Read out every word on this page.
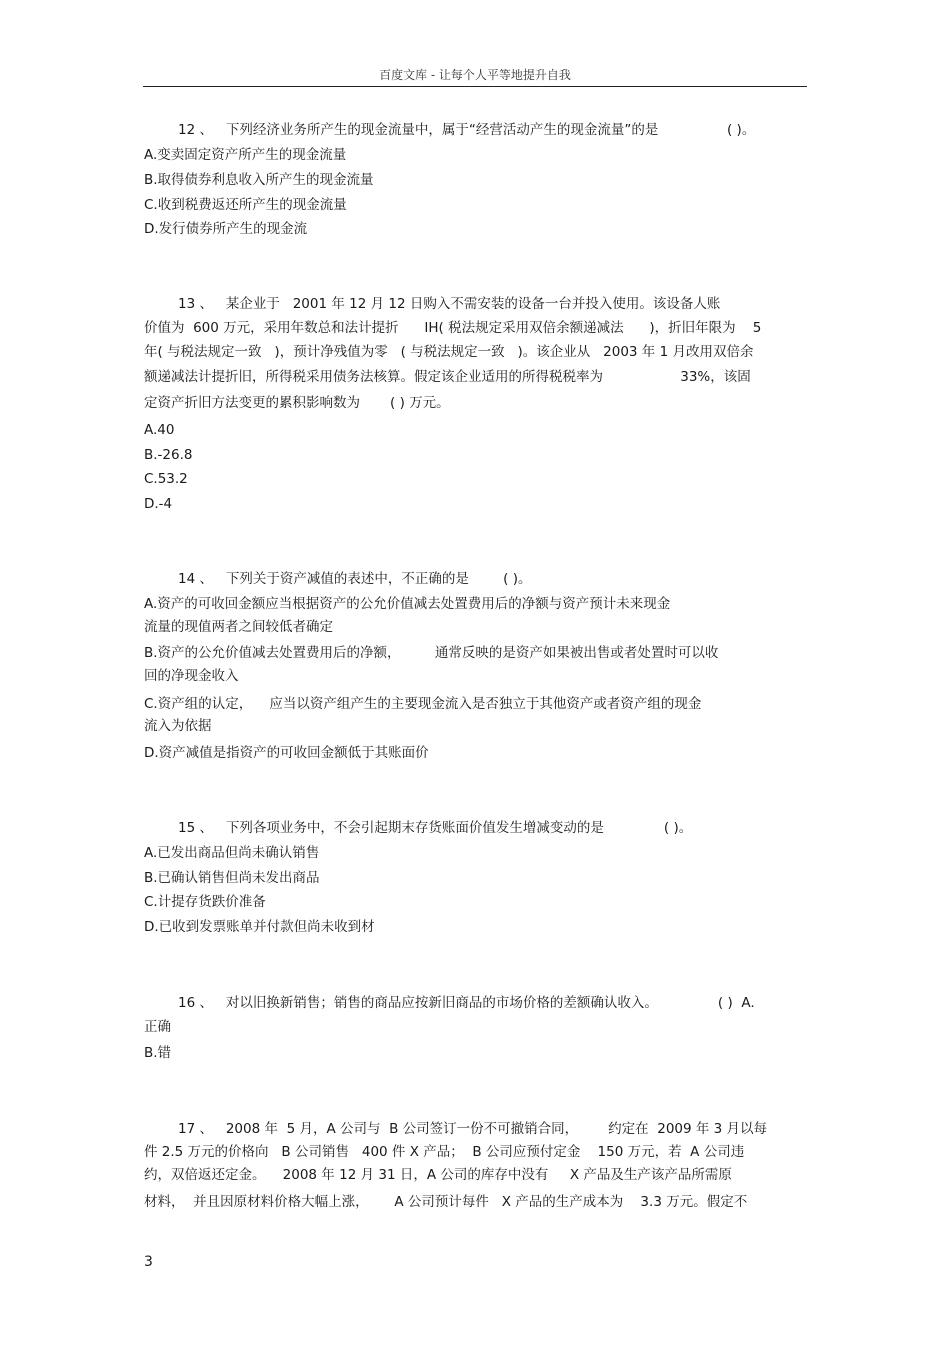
百度文库 - 让每个人平等地提升自我
12 、   下列经济业务所产生的现金流量中，属于“经营活动产生的现金流量”的是                ( )。
A.变卖固定资产所产生的现金流量
B.取得债券利息收入所产生的现金流量
C.收到税费返还所产生的现金流量
D.发行债券所产生的现金流
13 、   某企业于   2001 年 12 月 12 日购入不需安装的设备一台并投入使用。该设备人账
价值为  600 万元，采用年数总和法计提折      IH( 税法规定采用双倍余额递减法      )，折旧年限为    5
年( 与税法规定一致   )，预计净残值为零   ( 与税法规定一致   )。该企业从   2003 年 1 月改用双倍余
额递减法计提折旧，所得税采用债务法核算。假定该企业适用的所得税税率为                  33%，该固
定资产折旧方法变更的累积影响数为       ( ) 万元。
A.40
B.-26.8
C.53.2
D.-4
14 、   下列关于资产减值的表述中，不正确的是        ( )。
A.资产的可收回金额应当根据资产的公允价值减去处置费用后的净额与资产预计未来现金
流量的现值两者之间较低者确定
B.资产的公允价值减去处置费用后的净额，        通常反映的是资产如果被出售或者处置时可以收
回的净现金收入
C.资产组的认定，    应当以资产组产生的主要现金流入是否独立于其他资产或者资产组的现金
流入为依据
D.资产减值是指资产的可收回金额低于其账面价
15 、   下列各项业务中，不会引起期末存货账面价值发生增减变动的是              ( )。
A.已发出商品但尚未确认销售
B.已确认销售但尚未发出商品
C.计提存货跌价准备
D.已收到发票账单并付款但尚未收到材
16 、   对以旧换新销售；销售的商品应按新旧商品的市场价格的差额确认收入。              ( )  A.
正确
B.错
17 、   2008 年  5 月，A 公司与  B 公司签订一份不可撤销合同，       约定在  2009 年 3 月以每
件 2.5 万元的价格向   B 公司销售   400 件 X 产品；  B 公司应预付定金    150 万元，若  A 公司违
约，双倍返还定金。    2008 年 12 月 31 日，A 公司的库存中没有     X 产品及生产该产品所需原
材料，  并且因原材料价格大幅上涨，      A 公司预计每件   X 产品的生产成本为    3.3 万元。假定不
3
